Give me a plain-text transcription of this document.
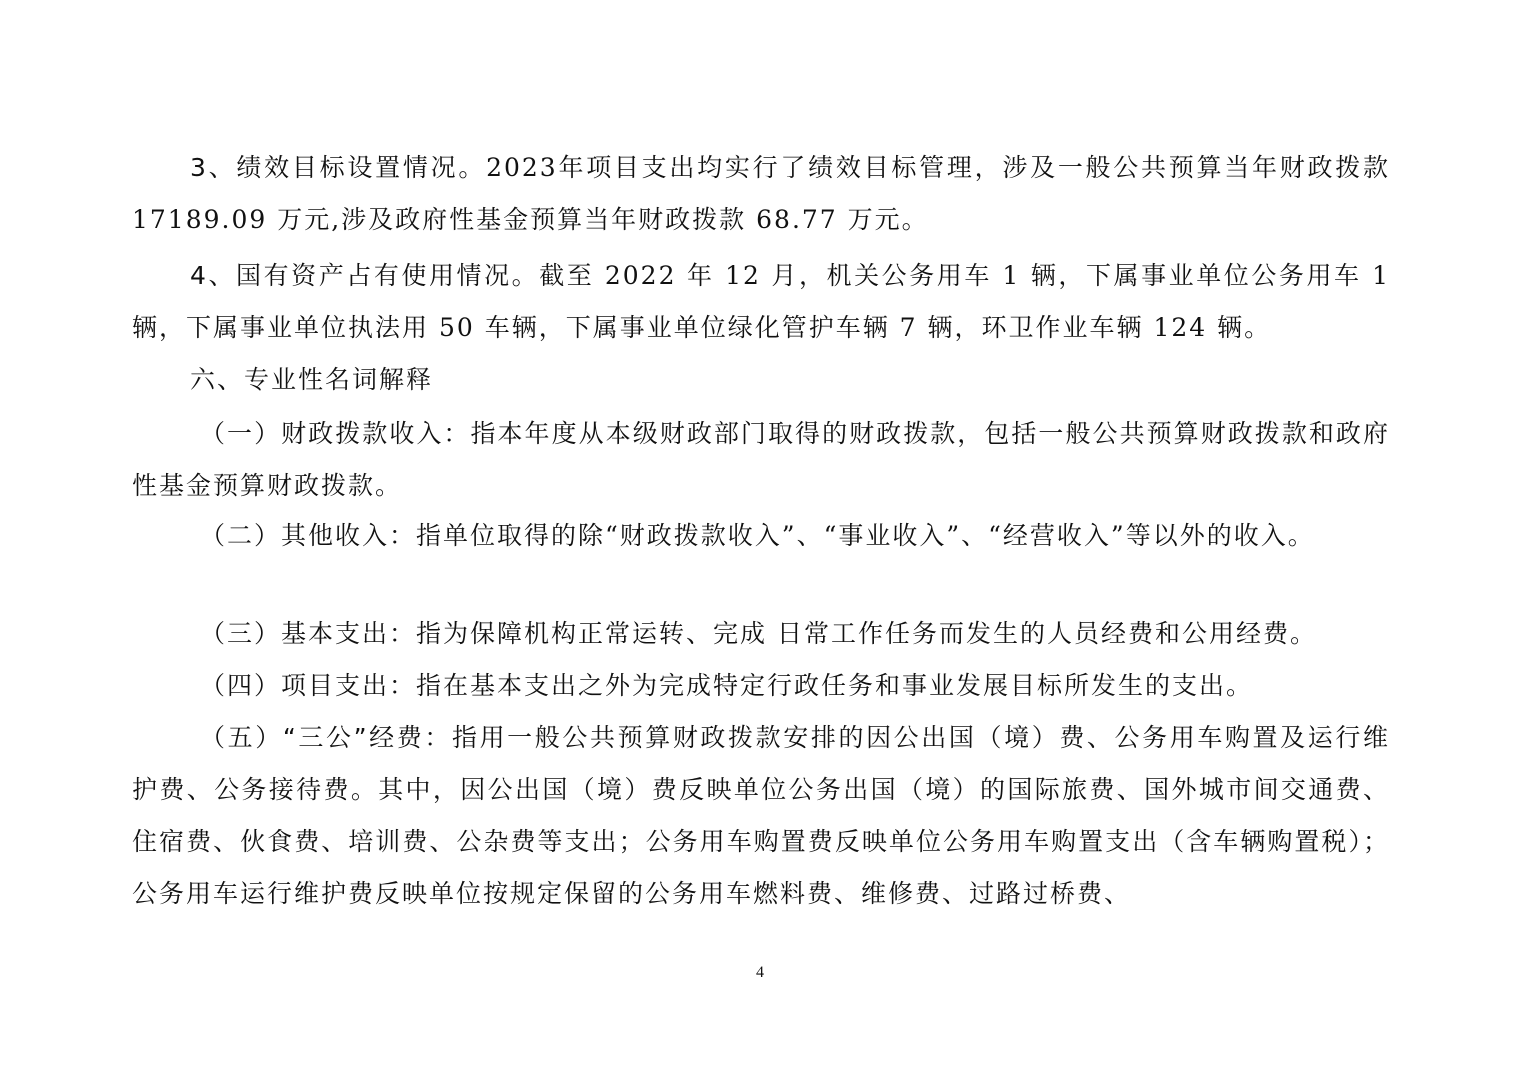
3、绩效目标设置情况。2023年项目支出均实行了绩效目标管理，涉及一般公共预算当年财政拨款 17189.09 万元,涉及政府性基金预算当年财政拨款 68.77 万元。

4、国有资产占有使用情况。截至 2022 年 12 月，机关公务用车 1 辆，下属事业单位公务用车 1 辆，下属事业单位执法用 50 车辆，下属事业单位绿化管护车辆 7 辆，环卫作业车辆 124 辆。

六、专业性名词解释

（一）财政拨款收入：指本年度从本级财政部门取得的财政拨款，包括一般公共预算财政拨款和政府性基金预算财政拨款。

（二）其他收入：指单位取得的除“财政拨款收入”、“事业收入”、“经营收入”等以外的收入。

（三）基本支出：指为保障机构正常运转、完成 日常工作任务而发生的人员经费和公用经费。

（四）项目支出：指在基本支出之外为完成特定行政任务和事业发展目标所发生的支出。

（五）“三公”经费：指用一般公共预算财政拨款安排的因公出国（境）费、公务用车购置及运行维护费、公务接待费。其中，因公出国（境）费反映单位公务出国（境）的国际旅费、国外城市间交通费、住宿费、伙食费、培训费、公杂费等支出；公务用车购置费反映单位公务用车购置支出（含车辆购置税）；公务用车运行维护费反映单位按规定保留的公务用车燃料费、维修费、过路过桥费、

4
